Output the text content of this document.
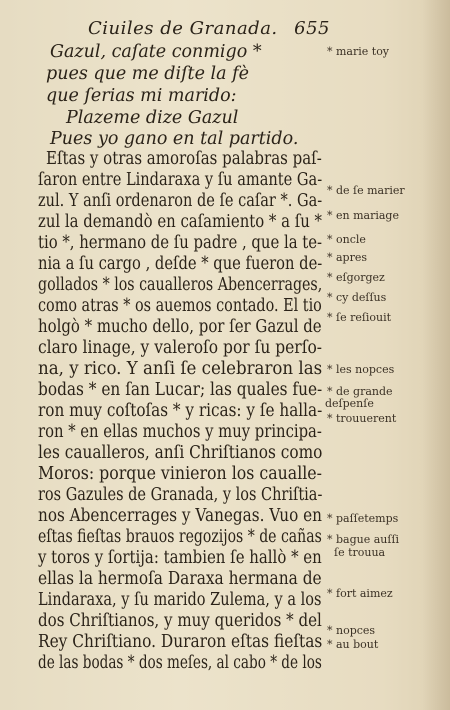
Ciuiles de Granada. 655
Gazul, caſate conmigo *
pues que me diſte la fè
que ſerias mi marido:
Plazeme dize Gazul
Pues yo gano en tal partido.
Eſtas y otras amoroſas palabras paſ-
ſaron entre Lindaraxa y ſu amante Ga-
zul. Y anſi ordenaron de ſe caſar *. Ga-
zul la demandò en caſamiento * a ſu *
tio *, hermano de ſu padre , que la te-
nia a ſu cargo , deſde * que fueron de-
gollados * los caualleros Abencerrages,
como atras * os auemos contado. El tio
holgò * mucho dello, por ſer Gazul de
claro linage, y valeroſo por ſu perſo-
na, y rico. Y anſi ſe celebraron las
bodas * en ſan Lucar; las quales fue-
ron muy coſtoſas * y ricas: y ſe halla-
ron * en ellas muchos y muy principa-
les caualleros, anſi Chriſtianos como
Moros: porque vinieron los caualle-
ros Gazules de Granada, y los Chriſtia-
nos Abencerrages y Vanegas. Vuo en
eſtas fieſtas brauos regozijos * de cañas
y toros y ſortija: tambien ſe hallò * en
ellas la hermoſa Daraxa hermana de
Lindaraxa, y ſu marido Zulema, y a los
dos Chriſtianos, y muy queridos * del
Rey Chriſtiano. Duraron eſtas fieſtas
de las bodas * dos meſes, al cabo * de los
* marie toy
* de ſe marier
* en mariage
* oncle
* apres
* eſgorgez
* cy deſſus
* ſe reſiouit
* les nopces
* de grande
deſpenſe
* trouuerent
* paſſetemps
* bague auſſi
ſe trouua
* fort aimez
* nopces
* au bout
